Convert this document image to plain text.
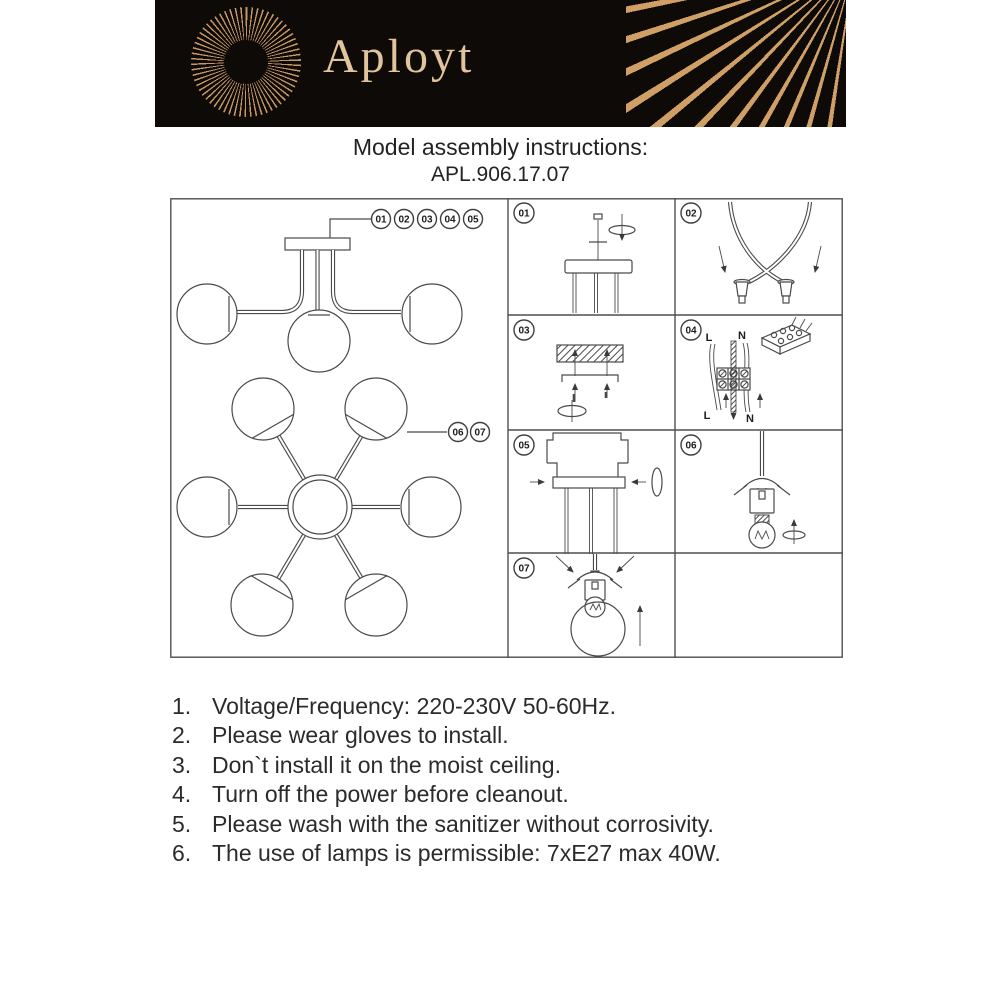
Aployt
Model assembly instructions:
APL.906.17.07
01 02 03 04 05
06 07
01	02
03	04
L N
L	N
05	06
07
1. Voltage/Frequency: 220-230V 50-60Hz.
2. Please wear gloves to install.
3. Don`t install it on the moist ceiling.
4. Turn off the power before cleanout.
5. Please wash with the sanitizer without corrosivity.
6. The use of lamps is permissible: 7xE27 max 40W.
